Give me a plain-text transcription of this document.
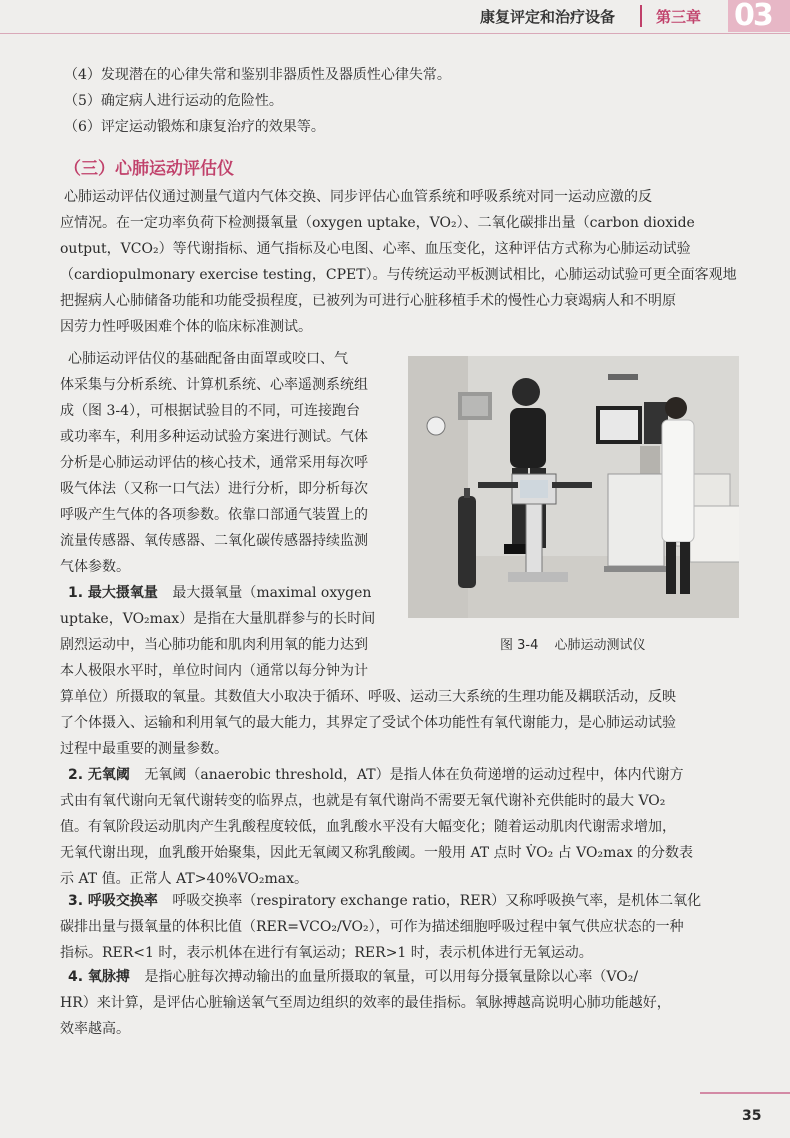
康复评定和治疗设备	第三章 03
（4）发现潜在的心律失常和鉴别非器质性及器质性心律失常。
（5）确定病人进行运动的危险性。
（6）评定运动锻炼和康复治疗的效果等。
（三）心肺运动评估仪
心肺运动评估仪通过测量气道内气体交换、同步评估心血管系统和呼吸系统对同一运动应激的反
应情况。在一定功率负荷下检测摄氧量（oxygen uptake，VO₂）、二氧化碳排出量（carbon dioxide
output，VCO₂）等代谢指标、通气指标及心电图、心率、血压变化，这种评估方式称为心肺运动试验
（cardiopulmonary exercise testing，CPET）。与传统运动平板测试相比，心肺运动试验可更全面客观地
把握病人心肺储备功能和功能受损程度，已被列为可进行心脏移植手术的慢性心力衰竭病人和不明原
因劳力性呼吸困难个体的临床标准测试。
心肺运动评估仪的基础配备由面罩或咬口、气
体采集与分析系统、计算机系统、心率遥测系统组
成（图 3-4），可根据试验目的不同，可连接跑台
或功率车，利用多种运动试验方案进行测试。气体
分析是心肺运动评估的核心技术，通常采用每次呼
吸气体法（又称一口气法）进行分析，即分析每次
呼吸产生气体的各项参数。依靠口部通气装置上的
流量传感器、氧传感器、二氧化碳传感器持续监测
气体参数。
1. 最大摄氧量 最大摄氧量（maximal oxygen
uptake，VO₂max）是指在大量肌群参与的长时间
剧烈运动中，当心肺功能和肌肉利用氧的能力达到
本人极限水平时，单位时间内（通常以每分钟为计
算单位）所摄取的氧量。其数值大小取决于循环、呼吸、运动三大系统的生理功能及耦联活动，反映
了个体摄入、运输和利用氧气的最大能力，其界定了受试个体功能性有氧代谢能力，是心肺运动试验
过程中最重要的测量参数。
图 3-4 心肺运动测试仪
2. 无氧阈 无氧阈（anaerobic threshold，AT）是指人体在负荷递增的运动过程中，体内代谢方
式由有氧代谢向无氧代谢转变的临界点，也就是有氧代谢尚不需要无氧代谢补充供能时的最大 VO₂
值。有氧阶段运动肌肉产生乳酸程度较低，血乳酸水平没有大幅变化；随着运动肌肉代谢需求增加，
无氧代谢出现，血乳酸开始聚集，因此无氧阈又称乳酸阈。一般用 AT 点时 V̇O₂ 占 VO₂max 的分数表
示 AT 值。正常人 AT>40%VO₂max。
3. 呼吸交换率 呼吸交换率（respiratory exchange ratio，RER）又称呼吸换气率，是机体二氧化
碳排出量与摄氧量的体积比值（RER=VCO₂/VO₂），可作为描述细胞呼吸过程中氧气供应状态的一种
指标。RER<1 时，表示机体在进行有氧运动；RER>1 时，表示机体进行无氧运动。
4. 氧脉搏 是指心脏每次搏动输出的血量所摄取的氧量，可以用每分摄氧量除以心率（VO₂/
HR）来计算，是评估心脏输送氧气至周边组织的效率的最佳指标。氧脉搏越高说明心肺功能越好，
效率越高。
35
